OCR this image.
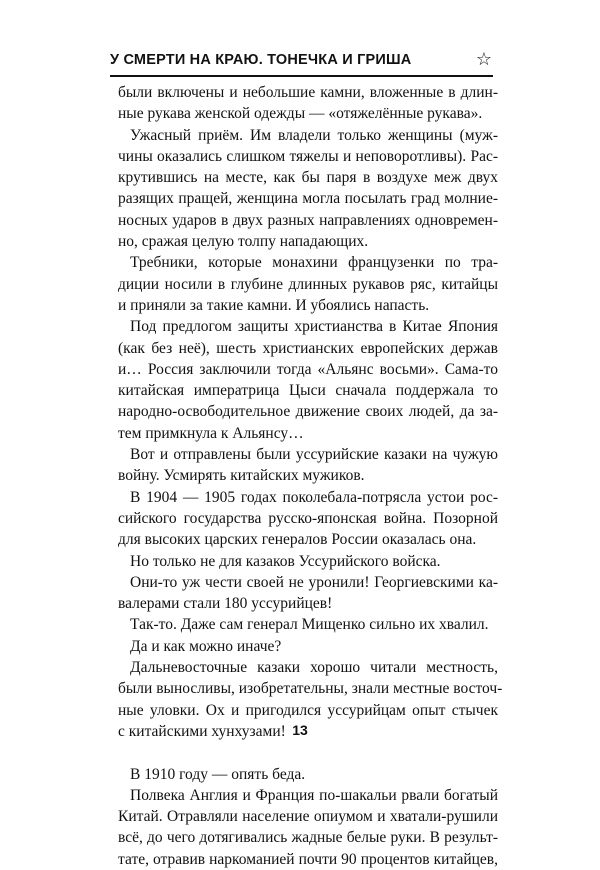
У СМЕРТИ НА КРАЮ. ТОНЕЧКА И ГРИША	☆
были включены и небольшие камни, вложенные в длин-
ные рукава женской одежды — «отяжелённые рукава».
Ужасный приём. Им владели только женщины (муж-
чины оказались слишком тяжелы и неповоротливы). Рас-
крутившись на месте, как бы паря в воздухе меж двух
разящих пращей, женщина могла посылать град молние-
носных ударов в двух разных направлениях одновремен-
но, сражая целую толпу нападающих.
Требники, которые монахини французенки по тра-
диции носили в глубине длинных рукавов ряс, китайцы
и приняли за такие камни. И убоялись напасть.
Под предлогом защиты христианства в Китае Япония
(как без неё), шесть христианских европейских держав
и… Россия заключили тогда «Альянс восьми». Сама-то
китайская императрица Цыси сначала поддержала то
народно-освободительное движение своих людей, да за-
тем примкнула к Альянсу…
Вот и отправлены были уссурийские казаки на чужую
войну. Усмирять китайских мужиков.
В 1904 — 1905 годах поколебала-потрясла устои рос-
сийского государства русско-японская война. Позорной
для высоких царских генералов России оказалась она.
Но только не для казаков Уссурийского войска.
Они-то уж чести своей не уронили! Георгиевскими ка-
валерами стали 180 уссурийцев!
Так-то. Даже сам генерал Мищенко сильно их хвалил.
Да и как можно иначе?
Дальневосточные казаки хорошо читали местность,
были выносливы, изобретательны, знали местные восточ-
ные уловки. Ох и пригодился уссурийцам опыт стычек
с китайскими хунхузами!
В 1910 году — опять беда.
Полвека Англия и Франция по-шакальи рвали богатый
Китай. Отравляли население опиумом и хватали-рушили
всё, до чего дотягивались жадные белые руки. В результ-
тате, отравив наркоманией почти 90 процентов китайцев,
13
